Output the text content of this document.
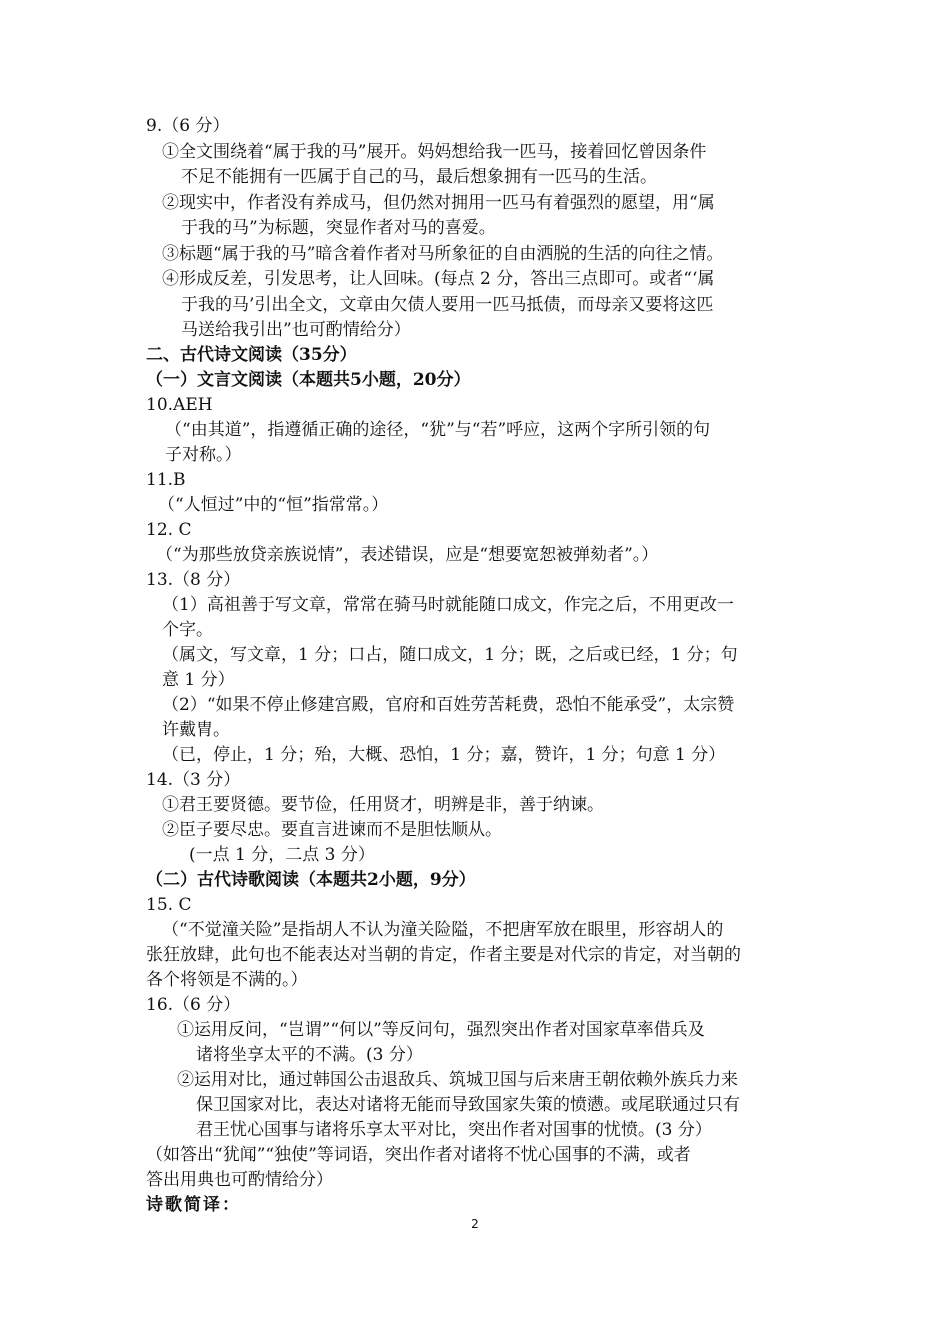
9.（6 分）
①全文围绕着“属于我的马”展开。妈妈想给我一匹马，接着回忆曾因条件
不足不能拥有一匹属于自己的马，最后想象拥有一匹马的生活。
②现实中，作者没有养成马，但仍然对拥用一匹马有着强烈的愿望，用“属
于我的马”为标题，突显作者对马的喜爱。
③标题“属于我的马”暗含着作者对马所象征的自由洒脱的生活的向往之情。
④形成反差，引发思考，让人回味。(每点 2 分，答出三点即可。或者“‘属
于我的马’引出全文，文章由欠债人要用一匹马抵债，而母亲又要将这匹
马送给我引出”也可酌情给分）
二、古代诗文阅读（35分）
（一）文言文阅读（本题共5小题，20分）
10.AEH
（“由其道”，指遵循正确的途径，“犹”与“若”呼应，这两个字所引领的句
子对称。）
11.B
（“人恒过”中的“恒”指常常。）
12. C
（“为那些放贷亲族说情”，表述错误，应是“想要宽恕被弹劾者”。）
13.（8 分）
（1）高祖善于写文章，常常在骑马时就能随口成文，作完之后，不用更改一
个字。
（属文，写文章，1 分；口占，随口成文，1 分；既，之后或已经，1 分；句
意 1 分）
（2）“如果不停止修建宫殿，官府和百姓劳苦耗费，恐怕不能承受”，太宗赞
许戴胄。
（已，停止，1 分；殆，大概、恐怕，1 分；嘉，赞许，1 分；句意 1 分）
14.（3 分）
①君王要贤德。要节俭，任用贤才，明辨是非，善于纳谏。
②臣子要尽忠。要直言进谏而不是胆怯顺从。
(一点 1 分，二点 3 分）
（二）古代诗歌阅读（本题共2小题，9分）
15. C
（“不觉潼关险”是指胡人不认为潼关险隘，不把唐军放在眼里，形容胡人的
张狂放肆，此句也不能表达对当朝的肯定，作者主要是对代宗的肯定，对当朝的
各个将领是不满的。）
16.（6 分）
①运用反问，“岂谓”“何以”等反问句，强烈突出作者对国家草率借兵及
诸将坐享太平的不满。(3 分）
②运用对比，通过韩国公击退敌兵、筑城卫国与后来唐王朝依赖外族兵力来
保卫国家对比，表达对诸将无能而导致国家失策的愤懑。或尾联通过只有
君王忧心国事与诸将乐享太平对比，突出作者对国事的忧愤。(3 分）
（如答出“犹闻”“独使”等词语，突出作者对诸将不忧心国事的不满，或者
答出用典也可酌情给分）
诗歌简译：
2
